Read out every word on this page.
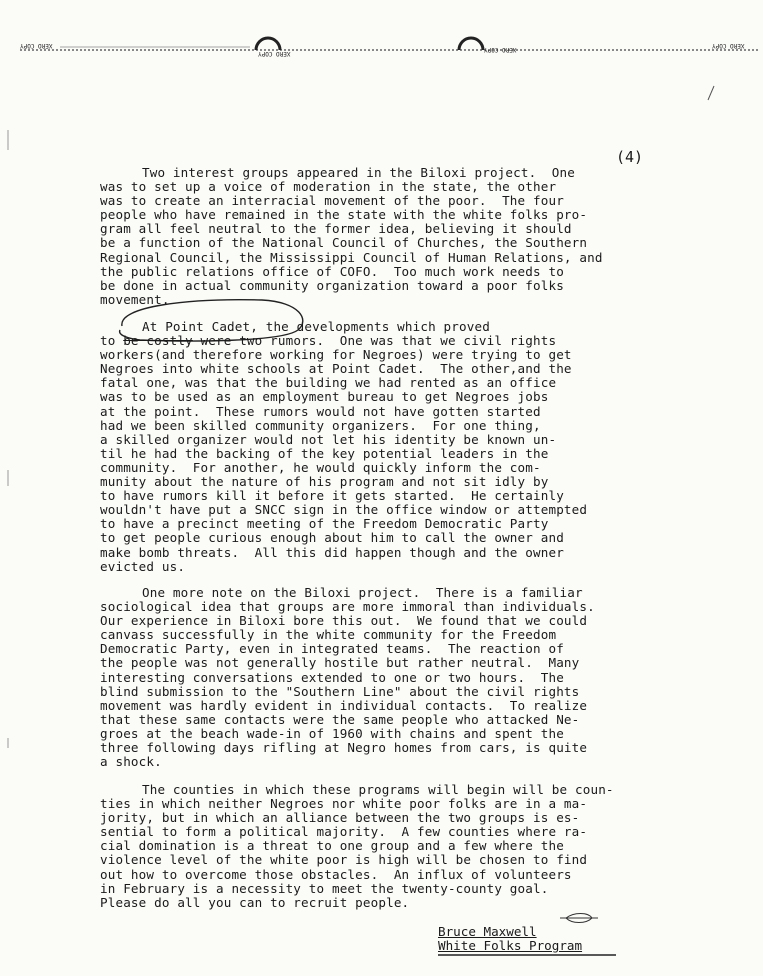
XERO COPY
XERO COPY
XERO COPY
XERO COPY
(4)
Two interest groups appeared in the Biloxi project.  One
was to set up a voice of moderation in the state, the other
was to create an interracial movement of the poor.  The four
people who have remained in the state with the white folks pro-
gram all feel neutral to the former idea, believing it should
be a function of the National Council of Churches, the Southern
Regional Council, the Mississippi Council of Human Relations, and
the public relations office of COFO.  Too much work needs to
be done in actual community organization toward a poor folks
movement.
At Point Cadet, the developments which proved
to be costly were two rumors.  One was that we civil rights
workers(and therefore working for Negroes) were trying to get
Negroes into white schools at Point Cadet.  The other,and the
fatal one, was that the building we had rented as an office
was to be used as an employment bureau to get Negroes jobs
at the point.  These rumors would not have gotten started
had we been skilled community organizers.  For one thing,
a skilled organizer would not let his identity be known un-
til he had the backing of the key potential leaders in the
community.  For another, he would quickly inform the com-
munity about the nature of his program and not sit idly by
to have rumors kill it before it gets started.  He certainly
wouldn't have put a SNCC sign in the office window or attempted
to have a precinct meeting of the Freedom Democratic Party
to get people curious enough about him to call the owner and
make bomb threats.  All this did happen though and the owner
evicted us.
One more note on the Biloxi project.  There is a familiar
sociological idea that groups are more immoral than individuals.
Our experience in Biloxi bore this out.  We found that we could
canvass successfully in the white community for the Freedom
Democratic Party, even in integrated teams.  The reaction of
the people was not generally hostile but rather neutral.  Many
interesting conversations extended to one or two hours.  The
blind submission to the "Southern Line" about the civil rights
movement was hardly evident in individual contacts.  To realize
that these same contacts were the same people who attacked Ne-
groes at the beach wade-in of 1960 with chains and spent the
three following days rifling at Negro homes from cars, is quite
a shock.
The counties in which these programs will begin will be coun-
ties in which neither Negroes nor white poor folks are in a ma-
jority, but in which an alliance between the two groups is es-
sential to form a political majority.  A few counties where ra-
cial domination is a threat to one group and a few where the
violence level of the white poor is high will be chosen to find
out how to overcome those obstacles.  An influx of volunteers
in February is a necessity to meet the twenty-county goal.
Please do all you can to recruit people.
Bruce Maxwell
White Folks Program
